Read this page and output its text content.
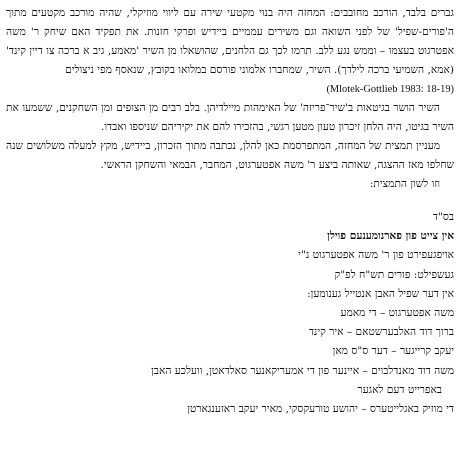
גברים בלבד, הורכב מחובבים: המחזה היה בנוי מקטעי שירה עם ליווי מוזיקלי, שהיה מורכב מקטעים מתוך ה'פורים-שפיל' של לפני השואה וגם משירים עממיים ביידיש ופרקי חזנות. את תפקיד האם שיחק ר' משה אפטרגוט בעצמו – וממש נגע ללב. תרמו לכך גם הלחנים, שהושאלו מן השיר 'מאמע, גיב א ברכה צו דיין קינד' (אמא, השמיעי ברכה לילדך). השיר, שמחברו אלמוני פורסם במלואו בקובץ, שנאסף מפי ניצולים
(Mlotek-Gottlieb 1983: 18-19)

השיר הושר בגיטאות ב'שיר־פריזה' של האימהות מיילדיהן. בלב רבים מן הצופים ומן השחקנים, ששמעו את השיר בגיטו, היה הלחן זיכרון טעון מטען רגשי, בהזכירו להם את יקיריהם שניספו ואבדו.

מעניין תמצית של המחזה, המתפרסמת כאן להלן, נכתבה מתוך הזכרון, ביידיש, מקץ למעלה משלושים שנה שחלפו מאז ההצגה, שאותה ביצע ר' משה אפטערגוט, המחבר, הבמאי והשחקן הראשי.

וזו לשון התמצית:

בס"ד
אין צייט פון פארנומענעם פוילן
אויפגעפירט פון ר' משה אפטערגוט נ"י
געשפילט: פורים תש"ח לפ"ק
אין דער שפיל האבן אנטייל גענומען:
משה אפטערגוט – די מאמע
ברוך דוד האלבערשטאם – איר קינד
יעקב קרייגער – דער ס"ס מאן
משה דוד מאנדלבוים – איינער פון די אמעריקאנער סאלדאטן, וועלכע האבן
באפרייט דעם לאגער
די מוזיק באגלייטערס – יהושע טורעקסקי, מאיר יעקב ראזענגארטן
